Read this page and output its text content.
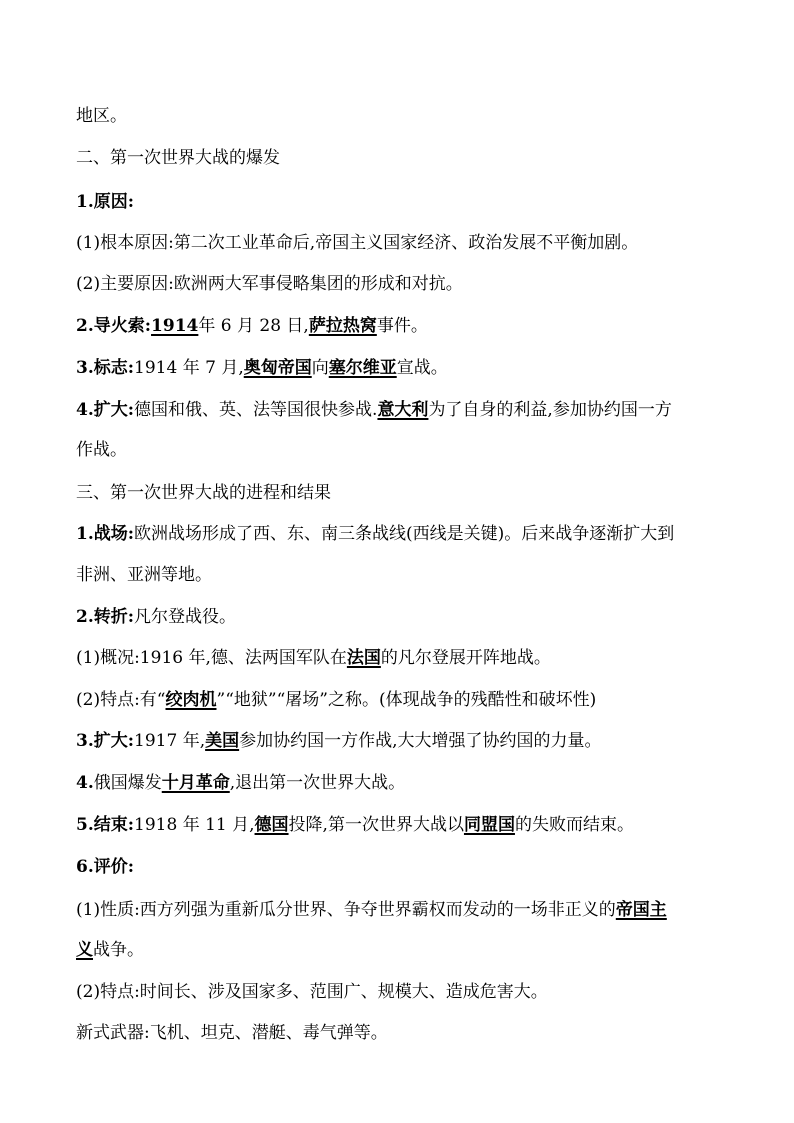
地区。
二、第一次世界大战的爆发
1.原因:
(1)根本原因:第二次工业革命后,帝国主义国家经济、政治发展不平衡加剧。
(2)主要原因:欧洲两大军事侵略集团的形成和对抗。
2.导火索:1914年 6 月 28 日,萨拉热窝事件。
3.标志:1914 年 7 月,奥匈帝国向塞尔维亚宣战。
4.扩大:德国和俄、英、法等国很快参战.意大利为了自身的利益,参加协约国一方
作战。
三、第一次世界大战的进程和结果
1.战场:欧洲战场形成了西、东、南三条战线(西线是关键)。后来战争逐渐扩大到
非洲、亚洲等地。
2.转折:凡尔登战役。
(1)概况:1916 年,德、法两国军队在法国的凡尔登展开阵地战。
(2)特点:有“绞肉机”“地狱”“屠场”之称。(体现战争的残酷性和破坏性)
3.扩大:1917 年,美国参加协约国一方作战,大大增强了协约国的力量。
4.俄国爆发十月革命,退出第一次世界大战。
5.结束:1918 年 11 月,德国投降,第一次世界大战以同盟国的失败而结束。
6.评价:
(1)性质:西方列强为重新瓜分世界、争夺世界霸权而发动的一场非正义的帝国主
义战争。
(2)特点:时间长、涉及国家多、范围广、规模大、造成危害大。
新式武器:飞机、坦克、潜艇、毒气弹等。
